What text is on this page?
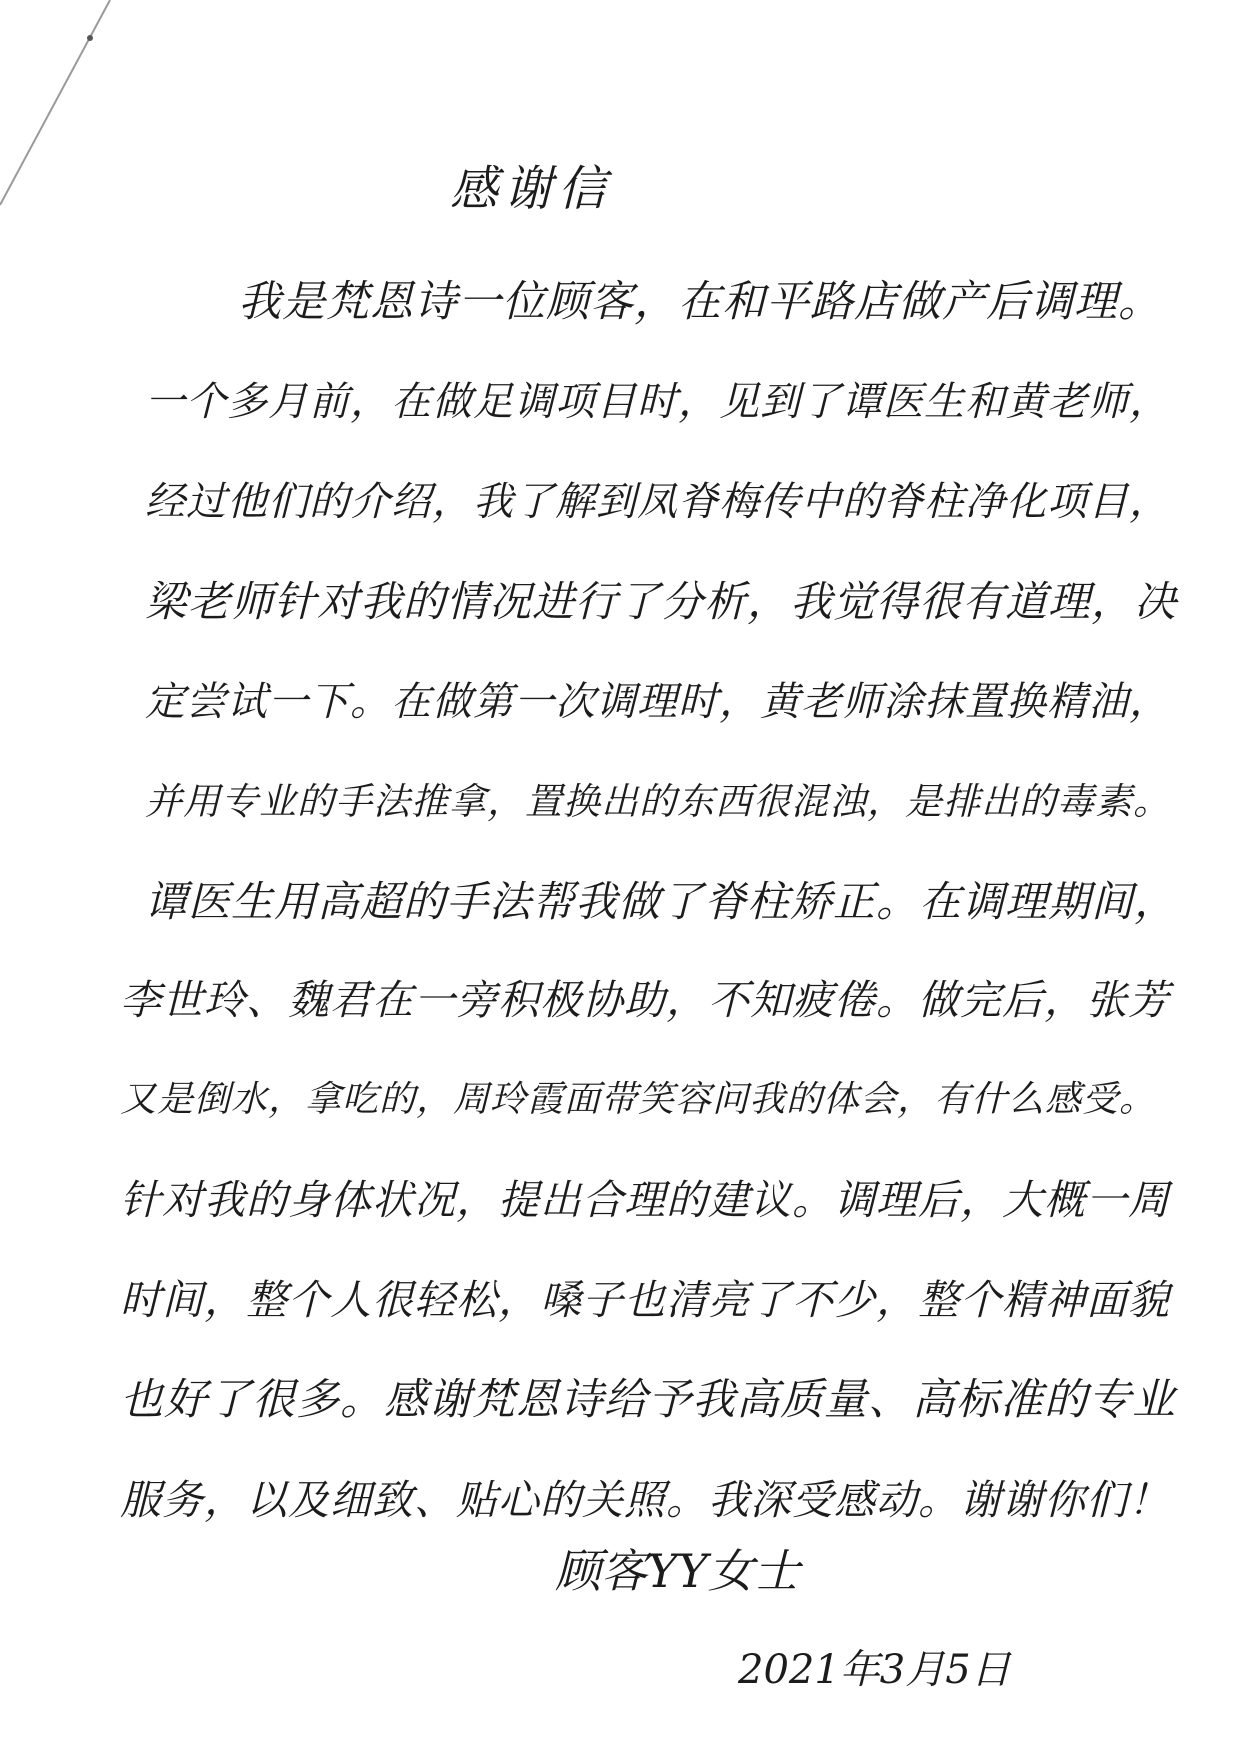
感谢信
我是梵恩诗一位顾客，在和平路店做产后调理。
一个多月前，在做足调项目时，见到了谭医生和黄老师，
经过他们的介绍，我了解到凤脊梅传中的脊柱净化项目，
梁老师针对我的情况进行了分析，我觉得很有道理，决
定尝试一下。在做第一次调理时，黄老师涂抹置换精油，
并用专业的手法推拿，置换出的东西很混浊，是排出的毒素。
谭医生用高超的手法帮我做了脊柱矫正。在调理期间，
李世玲、魏君在一旁积极协助，不知疲倦。做完后，张芳
又是倒水，拿吃的，周玲霞面带笑容问我的体会，有什么感受。
针对我的身体状况，提出合理的建议。调理后，大概一周
时间，整个人很轻松，嗓子也清亮了不少，整个精神面貌
也好了很多。感谢梵恩诗给予我高质量、高标准的专业
服务，以及细致、贴心的关照。我深受感动。谢谢你们！
顾客YY女士
2021年3月5日
